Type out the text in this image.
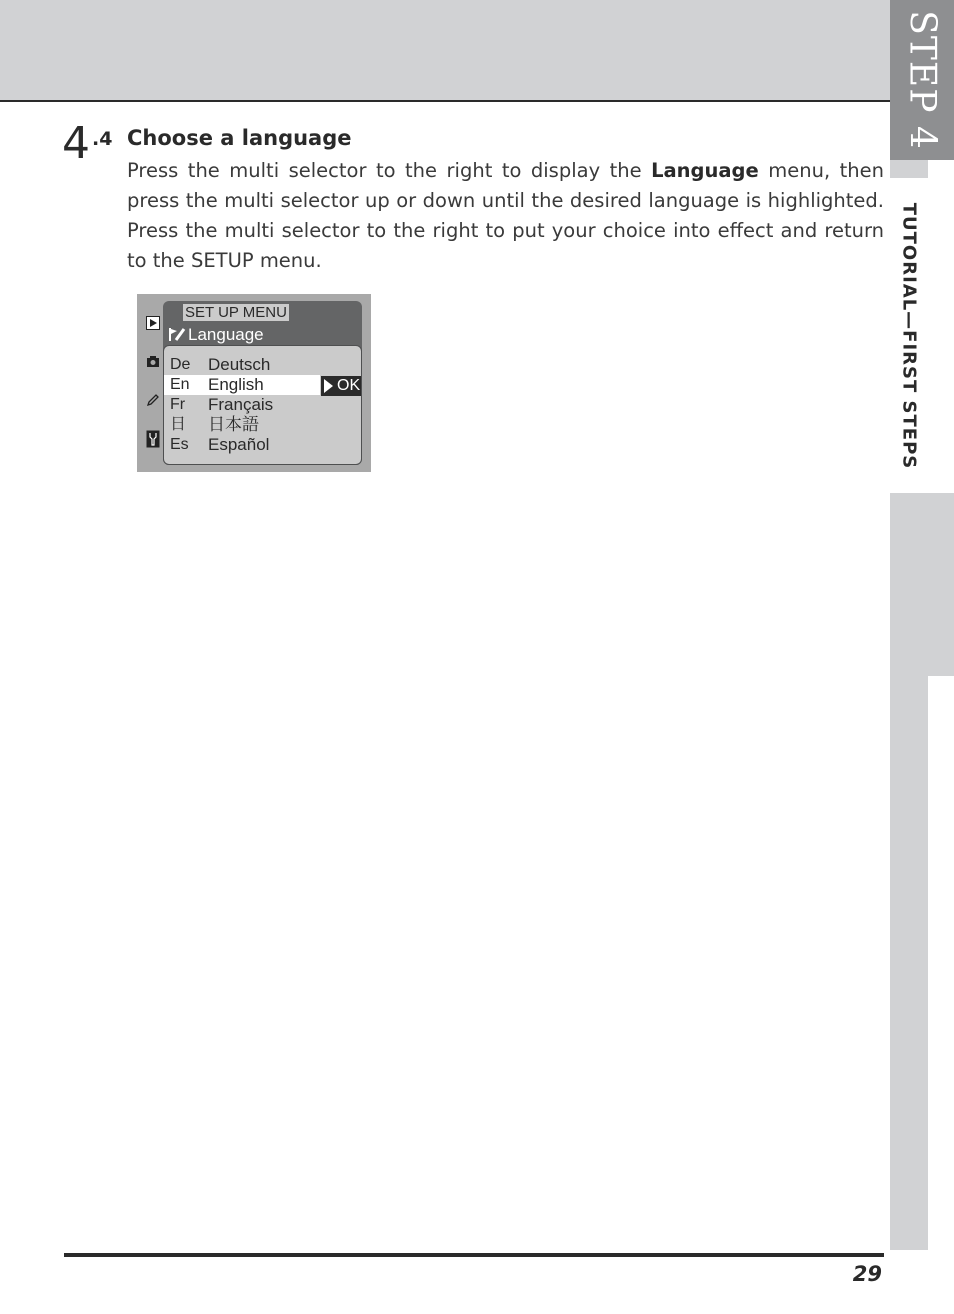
STEP 4
TUTORIAL—FIRST STEPS
4 .4 Choose a language
Press the multi selector to the right to display the Language menu, then press the multi selector up or down until the desired language is highlighted. Press the multi selector to the right to put your choice into effect and return to the SETUP menu.
SET UP MENU
Language
De Deutsch
En English	OK
Fr Français
日 日本語
Es Español
29
